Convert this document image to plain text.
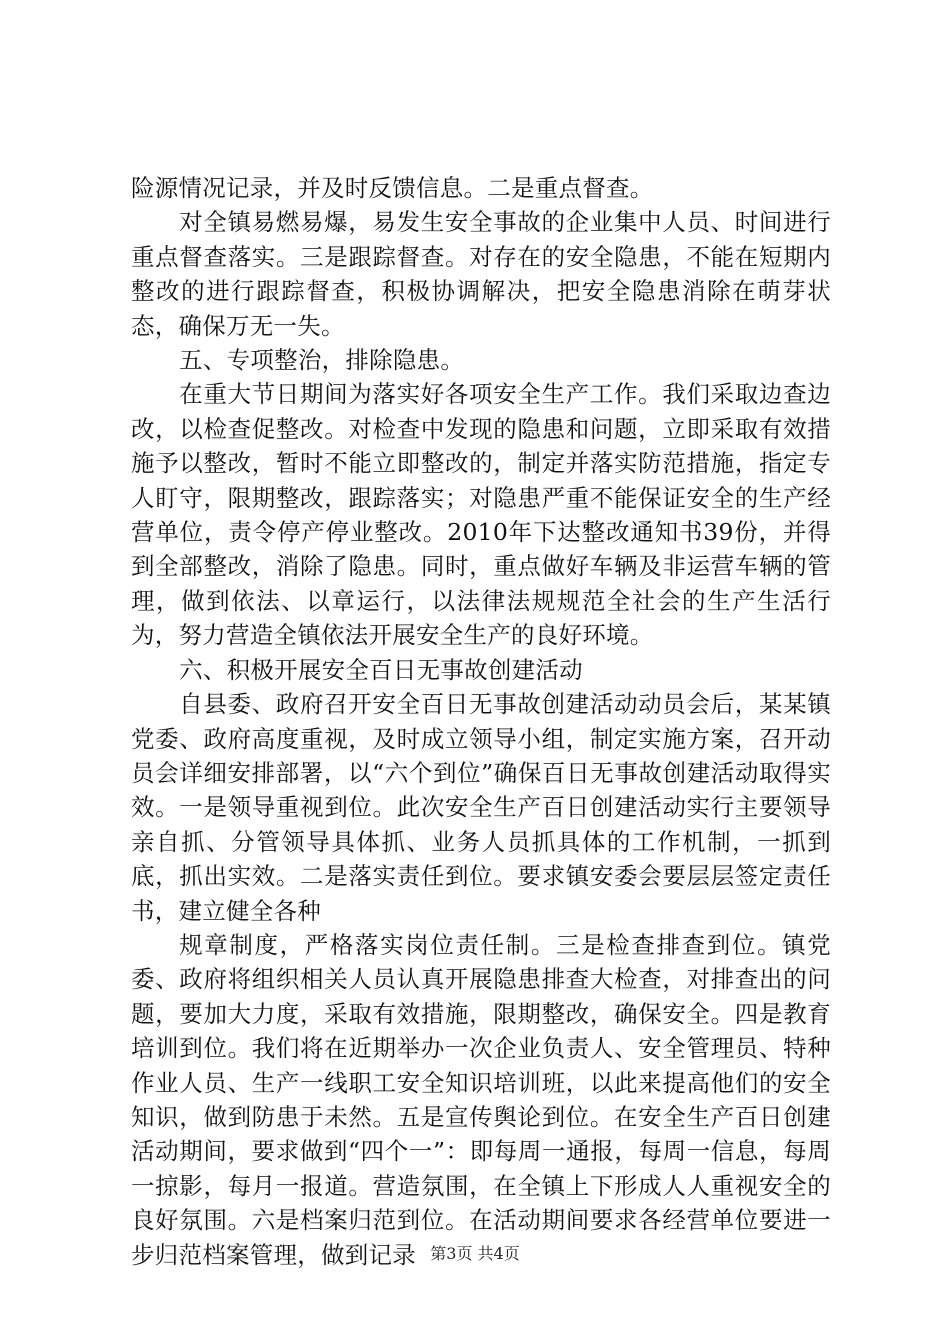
险源情况记录，并及时反馈信息。二是重点督查。

对全镇易燃易爆，易发生安全事故的企业集中人员、时间进行重点督查落实。三是跟踪督查。对存在的安全隐患，不能在短期内整改的进行跟踪督查，积极协调解决，把安全隐患消除在萌芽状态，确保万无一失。

五、专项整治，排除隐患。

在重大节日期间为落实好各项安全生产工作。我们采取边查边改，以检查促整改。对检查中发现的隐患和问题，立即采取有效措施予以整改，暂时不能立即整改的，制定并落实防范措施，指定专人盯守，限期整改，跟踪落实；对隐患严重不能保证安全的生产经营单位，责令停产停业整改。2010年下达整改通知书39份，并得到全部整改，消除了隐患。同时，重点做好车辆及非运营车辆的管理，做到依法、以章运行，以法律法规规范全社会的生产生活行为，努力营造全镇依法开展安全生产的良好环境。

六、积极开展安全百日无事故创建活动

自县委、政府召开安全百日无事故创建活动动员会后，某某镇党委、政府高度重视，及时成立领导小组，制定实施方案，召开动员会详细安排部署，以“六个到位”确保百日无事故创建活动取得实效。一是领导重视到位。此次安全生产百日创建活动实行主要领导亲自抓、分管领导具体抓、业务人员抓具体的工作机制，一抓到底，抓出实效。二是落实责任到位。要求镇安委会要层层签定责任书，建立健全各种

规章制度，严格落实岗位责任制。三是检查排查到位。镇党委、政府将组织相关人员认真开展隐患排查大检查，对排查出的问题，要加大力度，采取有效措施，限期整改，确保安全。四是教育培训到位。我们将在近期举办一次企业负责人、安全管理员、特种作业人员、生产一线职工安全知识培训班，以此来提高他们的安全知识，做到防患于未然。五是宣传舆论到位。在安全生产百日创建活动期间，要求做到“四个一”：即每周一通报，每周一信息，每周一掠影，每月一报道。营造氛围，在全镇上下形成人人重视安全的良好氛围。六是档案归范到位。在活动期间要求各经营单位要进一步归范档案管理，做到记录 第3页 共4页
